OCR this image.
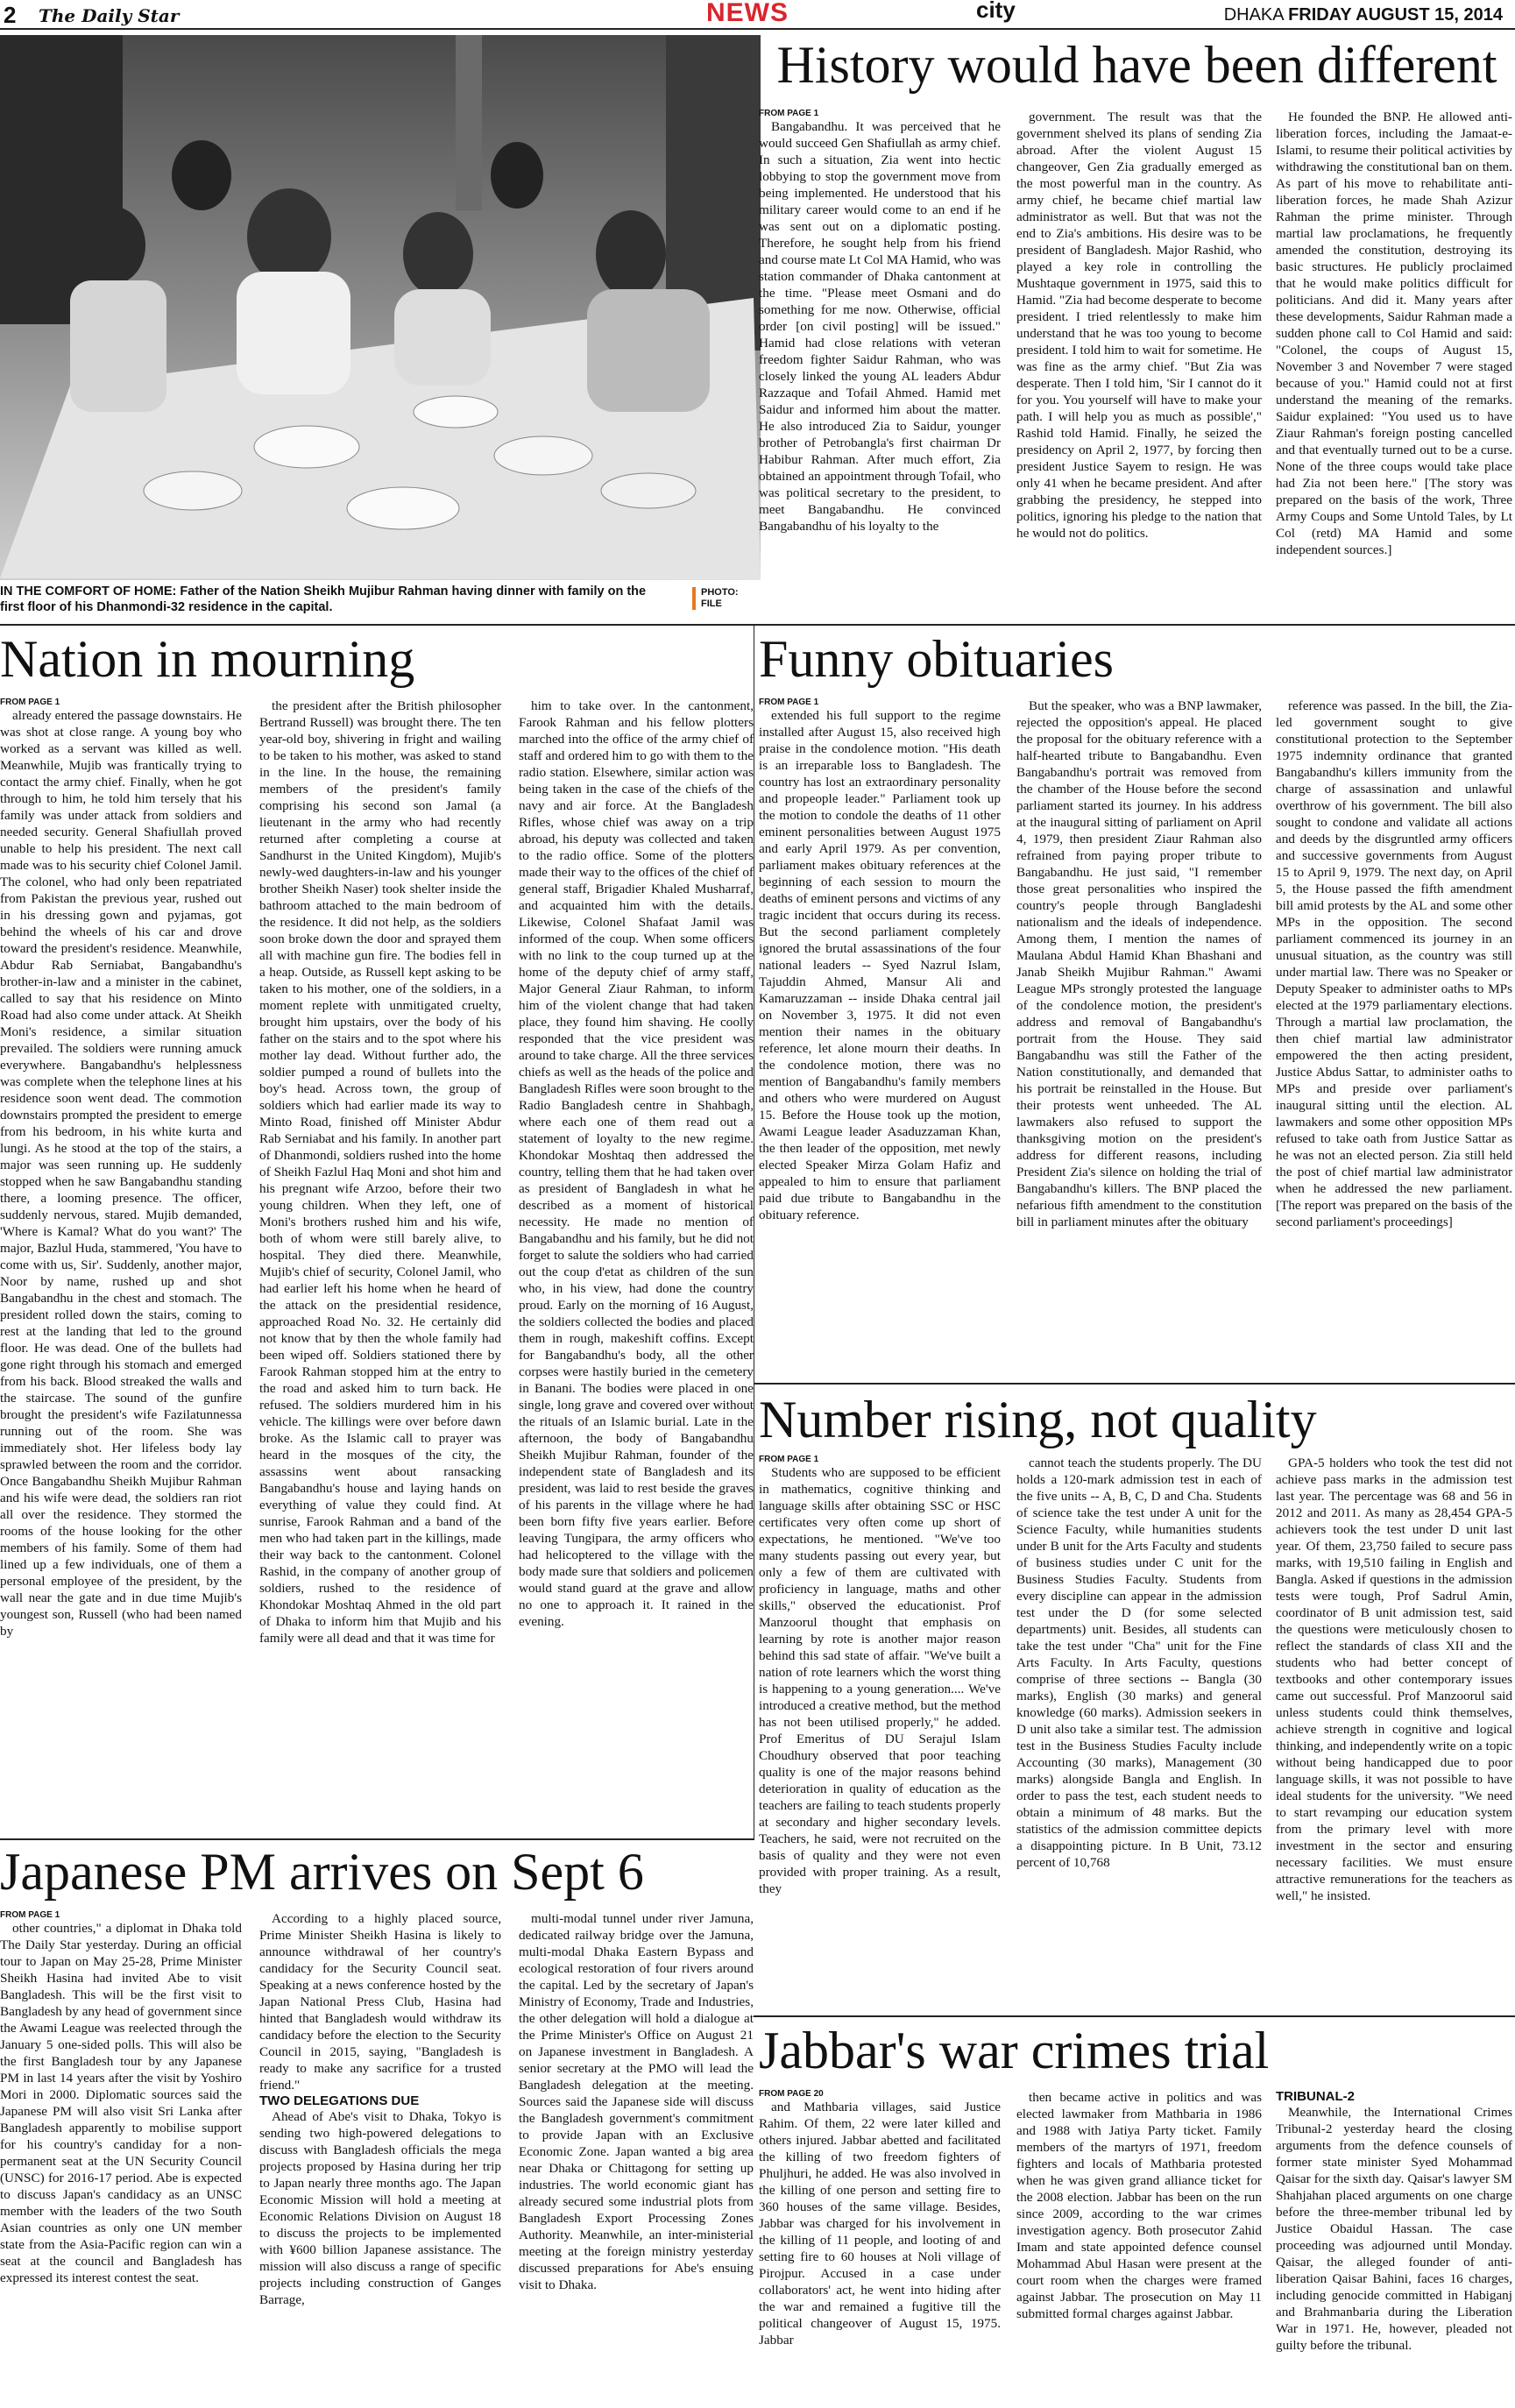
2 The Daily Star	NEWS	city	DHAKA FRIDAY AUGUST 15, 2014
IN THE COMFORT OF HOME: Father of the Nation Sheikh Mujibur Rahman having dinner with family on the first floor of his Dhanmondi-32 residence in the capital.
PHOTO:
FILE
History would have been different
FROM PAGE 1

Bangabandhu. It was perceived that he would succeed Gen Shafiullah as army chief. In such a situation, Zia went into hectic lobbying to stop the government move from being implemented. He understood that his military career would come to an end if he was sent out on a diplomatic posting. Therefore, he sought help from his friend and course mate Lt Col MA Hamid, who was station commander of Dhaka cantonment at the time. "Please meet Osmani and do something for me now. Otherwise, official order [on civil posting] will be issued." Hamid had close relations with veteran freedom fighter Saidur Rahman, who was closely linked the young AL leaders Abdur Razzaque and Tofail Ahmed. Hamid met Saidur and informed him about the matter. He also introduced Zia to Saidur, younger brother of Petrobangla's first chairman Dr Habibur Rahman. After much effort, Zia obtained an appointment through Tofail, who was political secretary to the president, to meet Bangabandhu. He convinced Bangabandhu of his loyalty to the

government. The result was that the government shelved its plans of sending Zia abroad. After the violent August 15 changeover, Gen Zia gradually emerged as the most powerful man in the country. As army chief, he became chief martial law administrator as well. But that was not the end to Zia's ambitions. His desire was to be president of Bangladesh. Major Rashid, who played a key role in controlling the Mushtaque government in 1975, said this to Hamid. "Zia had become desperate to become president. I tried relentlessly to make him understand that he was too young to become president. I told him to wait for sometime. He was fine as the army chief. "But Zia was desperate. Then I told him, 'Sir I cannot do it for you. You yourself will have to make your path. I will help you as much as possible'," Rashid told Hamid. Finally, he seized the presidency on April 2, 1977, by forcing then president Justice Sayem to resign. He was only 41 when he became president. And after grabbing the presidency, he stepped into politics, ignoring his pledge to the nation that he would not do politics.

He founded the BNP. He allowed anti-liberation forces, including the Jamaat-e-Islami, to resume their political activities by withdrawing the constitutional ban on them. As part of his move to rehabilitate anti-liberation forces, he made Shah Azizur Rahman the prime minister. Through martial law proclamations, he frequently amended the constitution, destroying its basic structures. He publicly proclaimed that he would make politics difficult for politicians. And did it. Many years after these developments, Saidur Rahman made a sudden phone call to Col Hamid and said: "Colonel, the coups of August 15, November 3 and November 7 were staged because of you." Hamid could not at first understand the meaning of the remarks. Saidur explained: "You used us to have Ziaur Rahman's foreign posting cancelled and that eventually turned out to be a curse. None of the three coups would take place had Zia not been here." [The story was prepared on the basis of the work, Three Army Coups and Some Untold Tales, by Lt Col (retd) MA Hamid and some independent sources.]

Nation in mourning
FROM PAGE 1

already entered the passage downstairs. He was shot at close range. A young boy who worked as a servant was killed as well. Meanwhile, Mujib was frantically trying to contact the army chief. Finally, when he got through to him, he told him tersely that his family was under attack from soldiers and needed security. General Shafiullah proved unable to help his president. The next call made was to his security chief Colonel Jamil. The colonel, who had only been repatriated from Pakistan the previous year, rushed out in his dressing gown and pyjamas, got behind the wheels of his car and drove toward the president's residence. Meanwhile, Abdur Rab Serniabat, Bangabandhu's brother-in-law and a minister in the cabinet, called to say that his residence on Minto Road had also come under attack. At Sheikh Moni's residence, a similar situation prevailed. The soldiers were running amuck everywhere. Bangabandhu's helplessness was complete when the telephone lines at his residence soon went dead. The commotion downstairs prompted the president to emerge from his bedroom, in his white kurta and lungi. As he stood at the top of the stairs, a major was seen running up. He suddenly stopped when he saw Bangabandhu standing there, a looming presence. The officer, suddenly nervous, stared. Mujib demanded, 'Where is Kamal? What do you want?' The major, Bazlul Huda, stammered, 'You have to come with us, Sir'. Suddenly, another major, Noor by name, rushed up and shot Bangabandhu in the chest and stomach. The president rolled down the stairs, coming to rest at the landing that led to the ground floor. He was dead. One of the bullets had gone right through his stomach and emerged from his back. Blood streaked the walls and the staircase. The sound of the gunfire brought the president's wife Fazilatunnessa running out of the room. She was immediately shot. Her lifeless body lay sprawled between the room and the corridor. Once Bangabandhu Sheikh Mujibur Rahman and his wife were dead, the soldiers ran riot all over the residence. They stormed the rooms of the house looking for the other members of his family. Some of them had lined up a few individuals, one of them a personal employee of the president, by the wall near the gate and in due time Mujib's youngest son, Russell (who had been named by

the president after the British philosopher Bertrand Russell) was brought there. The ten year-old boy, shivering in fright and wailing to be taken to his mother, was asked to stand in the line. In the house, the remaining members of the president's family comprising his second son Jamal (a lieutenant in the army who had recently returned after completing a course at Sandhurst in the United Kingdom), Mujib's newly-wed daughters-in-law and his younger brother Sheikh Naser) took shelter inside the bathroom attached to the main bedroom of the residence. It did not help, as the soldiers soon broke down the door and sprayed them all with machine gun fire. The bodies fell in a heap. Outside, as Russell kept asking to be taken to his mother, one of the soldiers, in a moment replete with unmitigated cruelty, brought him upstairs, over the body of his father on the stairs and to the spot where his mother lay dead. Without further ado, the soldier pumped a round of bullets into the boy's head. Across town, the group of soldiers which had earlier made its way to Minto Road, finished off Minister Abdur Rab Serniabat and his family. In another part of Dhanmondi, soldiers rushed into the home of Sheikh Fazlul Haq Moni and shot him and his pregnant wife Arzoo, before their two young children. When they left, one of Moni's brothers rushed him and his wife, both of whom were still barely alive, to hospital. They died there. Meanwhile, Mujib's chief of security, Colonel Jamil, who had earlier left his home when he heard of the attack on the presidential residence, approached Road No. 32. He certainly did not know that by then the whole family had been wiped off. Soldiers stationed there by Farook Rahman stopped him at the entry to the road and asked him to turn back. He refused. The soldiers murdered him in his vehicle. The killings were over before dawn broke. As the Islamic call to prayer was heard in the mosques of the city, the assassins went about ransacking Bangabandhu's house and laying hands on everything of value they could find. At sunrise, Farook Rahman and a band of the men who had taken part in the killings, made their way back to the cantonment. Colonel Rashid, in the company of another group of soldiers, rushed to the residence of Khondokar Moshtaq Ahmed in the old part of Dhaka to inform him that Mujib and his family were all dead and that it was time for

him to take over. In the cantonment, Farook Rahman and his fellow plotters marched into the office of the army chief of staff and ordered him to go with them to the radio station. Elsewhere, similar action was being taken in the case of the chiefs of the navy and air force. At the Bangladesh Rifles, whose chief was away on a trip abroad, his deputy was collected and taken to the radio office. Some of the plotters made their way to the offices of the chief of general staff, Brigadier Khaled Musharraf, and acquainted him with the details. Likewise, Colonel Shafaat Jamil was informed of the coup. When some officers with no link to the coup turned up at the home of the deputy chief of army staff, Major General Ziaur Rahman, to inform him of the violent change that had taken place, they found him shaving. He coolly responded that the vice president was around to take charge. All the three services chiefs as well as the heads of the police and Bangladesh Rifles were soon brought to the Radio Bangladesh centre in Shahbagh, where each one of them read out a statement of loyalty to the new regime. Khondokar Moshtaq then addressed the country, telling them that he had taken over as president of Bangladesh in what he described as a moment of historical necessity. He made no mention of Bangabandhu and his family, but he did not forget to salute the soldiers who had carried out the coup d'etat as children of the sun who, in his view, had done the country proud. Early on the morning of 16 August, the soldiers collected the bodies and placed them in rough, makeshift coffins. Except for Bangabandhu's body, all the other corpses were hastily buried in the cemetery in Banani. The bodies were placed in one single, long grave and covered over without the rituals of an Islamic burial. Late in the afternoon, the body of Bangabandhu Sheikh Mujibur Rahman, founder of the independent state of Bangladesh and its president, was laid to rest beside the graves of his parents in the village where he had been born fifty five years earlier. Before leaving Tungipara, the army officers who had helicoptered to the village with the body made sure that soldiers and policemen would stand guard at the grave and allow no one to approach it. It rained in the evening.

Funny obituaries
FROM PAGE 1

extended his full support to the regime installed after August 15, also received high praise in the condolence motion. "His death is an irreparable loss to Bangladesh. The country has lost an extraordinary personality and propeople leader." Parliament took up the motion to condole the deaths of 11 other eminent personalities between August 1975 and early April 1979. As per convention, parliament makes obituary references at the beginning of each session to mourn the deaths of eminent persons and victims of any tragic incident that occurs during its recess. But the second parliament completely ignored the brutal assassinations of the four national leaders -- Syed Nazrul Islam, Tajuddin Ahmed, Mansur Ali and Kamaruzzaman -- inside Dhaka central jail on November 3, 1975. It did not even mention their names in the obituary reference, let alone mourn their deaths. In the condolence motion, there was no mention of Bangabandhu's family members and others who were murdered on August 15. Before the House took up the motion, Awami League leader Asaduzzaman Khan, the then leader of the opposition, met newly elected Speaker Mirza Golam Hafiz and appealed to him to ensure that parliament paid due tribute to Bangabandhu in the obituary reference.

But the speaker, who was a BNP lawmaker, rejected the opposition's appeal. He placed the proposal for the obituary reference with a half-hearted tribute to Bangabandhu. Even Bangabandhu's portrait was removed from the chamber of the House before the second parliament started its journey. In his address at the inaugural sitting of parliament on April 4, 1979, then president Ziaur Rahman also refrained from paying proper tribute to Bangabandhu. He just said, "I remember those great personalities who inspired the country's people through Bangladeshi nationalism and the ideals of independence. Among them, I mention the names of Maulana Abdul Hamid Khan Bhashani and Janab Sheikh Mujibur Rahman." Awami League MPs strongly protested the language of the condolence motion, the president's address and removal of Bangabandhu's portrait from the House. They said Bangabandhu was still the Father of the Nation constitutionally, and demanded that his portrait be reinstalled in the House. But their protests went unheeded. The AL lawmakers also refused to support the thanksgiving motion on the president's address for different reasons, including President Zia's silence on holding the trial of Bangabandhu's killers. The BNP placed the nefarious fifth amendment to the constitution bill in parliament minutes after the obituary

reference was passed. In the bill, the Zia-led government sought to give constitutional protection to the September 1975 indemnity ordinance that granted Bangabandhu's killers immunity from the charge of assassination and unlawful overthrow of his government. The bill also sought to condone and validate all actions and deeds by the disgruntled army officers and successive governments from August 15 to April 9, 1979. The next day, on April 5, the House passed the fifth amendment bill amid protests by the AL and some other MPs in the opposition. The second parliament commenced its journey in an unusual situation, as the country was still under martial law. There was no Speaker or Deputy Speaker to administer oaths to MPs elected at the 1979 parliamentary elections. Through a martial law proclamation, the then chief martial law administrator empowered the then acting president, Justice Abdus Sattar, to administer oaths to MPs and preside over parliament's inaugural sitting until the election. AL lawmakers and some other opposition MPs refused to take oath from Justice Sattar as he was not an elected person. Zia still held the post of chief martial law administrator when he addressed the new parliament. [The report was prepared on the basis of the second parliament's proceedings]

Number rising, not quality
FROM PAGE 1

Students who are supposed to be efficient in mathematics, cognitive thinking and language skills after obtaining SSC or HSC certificates very often come up short of expectations, he mentioned. "We've too many students passing out every year, but only a few of them are cultivated with proficiency in language, maths and other skills," observed the educationist. Prof Manzoorul thought that emphasis on learning by rote is another major reason behind this sad state of affair. "We've built a nation of rote learners which the worst thing is happening to a young generation.... We've introduced a creative method, but the method has not been utilised properly," he added. Prof Emeritus of DU Serajul Islam Choudhury observed that poor teaching quality is one of the major reasons behind deterioration in quality of education as the teachers are failing to teach students properly at secondary and higher secondary levels. Teachers, he said, were not recruited on the basis of quality and they were not even provided with proper training. As a result, they

cannot teach the students properly. The DU holds a 120-mark admission test in each of the five units -- A, B, C, D and Cha. Students of science take the test under A unit for the Science Faculty, while humanities students under B unit for the Arts Faculty and students of business studies under C unit for the Business Studies Faculty. Students from every discipline can appear in the admission test under the D (for some selected departments) unit. Besides, all students can take the test under "Cha" unit for the Fine Arts Faculty. In Arts Faculty, questions comprise of three sections -- Bangla (30 marks), English (30 marks) and general knowledge (60 marks). Admission seekers in D unit also take a similar test. The admission test in the Business Studies Faculty include Accounting (30 marks), Management (30 marks) alongside Bangla and English. In order to pass the test, each student needs to obtain a minimum of 48 marks. But the statistics of the admission committee depicts a disappointing picture. In B Unit, 73.12 percent of 10,768

GPA-5 holders who took the test did not achieve pass marks in the admission test last year. The percentage was 68 and 56 in 2012 and 2011. As many as 28,454 GPA-5 achievers took the test under D unit last year. Of them, 23,750 failed to secure pass marks, with 19,510 failing in English and Bangla. Asked if questions in the admission tests were tough, Prof Sadrul Amin, coordinator of B unit admission test, said the questions were meticulously chosen to reflect the standards of class XII and the students who had better concept of textbooks and other contemporary issues came out successful. Prof Manzoorul said unless students could think themselves, achieve strength in cognitive and logical thinking, and independently write on a topic without being handicapped due to poor language skills, it was not possible to have ideal students for the university. "We need to start revamping our education system from the primary level with more investment in the sector and ensuring necessary facilities. We must ensure attractive remunerations for the teachers as well," he insisted.

Japanese PM arrives on Sept 6
FROM PAGE 1

other countries," a diplomat in Dhaka told The Daily Star yesterday. During an official tour to Japan on May 25-28, Prime Minister Sheikh Hasina had invited Abe to visit Bangladesh. This will be the first visit to Bangladesh by any head of government since the Awami League was reelected through the January 5 one-sided polls. This will also be the first Bangladesh tour by any Japanese PM in last 14 years after the visit by Yoshiro Mori in 2000. Diplomatic sources said the Japanese PM will also visit Sri Lanka after Bangladesh apparently to mobilise support for his country's candiday for a non-permanent seat at the UN Security Council (UNSC) for 2016-17 period. Abe is expected to discuss Japan's candidacy as an UNSC member with the leaders of the two South Asian countries as only one UN member state from the Asia-Pacific region can win a seat at the council and Bangladesh has expressed its interest contest the seat.

According to a highly placed source, Prime Minister Sheikh Hasina is likely to announce withdrawal of her country's candidacy for the Security Council seat. Speaking at a news conference hosted by the Japan National Press Club, Hasina had hinted that Bangladesh would withdraw its candidacy before the election to the Security Council in 2015, saying, "Bangladesh is ready to make any sacrifice for a trusted friend."

TWO DELEGATIONS DUE

Ahead of Abe's visit to Dhaka, Tokyo is sending two high-powered delegations to discuss with Bangladesh officials the mega projects proposed by Hasina during her trip to Japan nearly three months ago. The Japan Economic Mission will hold a meeting at Economic Relations Division on August 18 to discuss the projects to be implemented with ¥600 billion Japanese assistance. The mission will also discuss a range of specific projects including construction of Ganges Barrage,

multi-modal tunnel under river Jamuna, dedicated railway bridge over the Jamuna, multi-modal Dhaka Eastern Bypass and ecological restoration of four rivers around the capital. Led by the secretary of Japan's Ministry of Economy, Trade and Industries, the other delegation will hold a dialogue at the Prime Minister's Office on August 21 on Japanese investment in Bangladesh. A senior secretary at the PMO will lead the Bangladesh delegation at the meeting. Sources said the Japanese side will discuss the Bangladesh government's commitment to provide Japan with an Exclusive Economic Zone. Japan wanted a big area near Dhaka or Chittagong for setting up industries. The world economic giant has already secured some industrial plots from Bangladesh Export Processing Zones Authority. Meanwhile, an inter-ministerial meeting at the foreign ministry yesterday discussed preparations for Abe's ensuing visit to Dhaka.

Jabbar's war crimes trial
FROM PAGE 20

and Mathbaria villages, said Justice Rahim. Of them, 22 were later killed and others injured. Jabbar abetted and facilitated the killing of two freedom fighters of Phuljhuri, he added. He was also involved in the killing of one person and setting fire to 360 houses of the same village. Besides, Jabbar was charged for his involvement in the killing of 11 people, and looting of and setting fire to 60 houses at Noli village of Pirojpur. Accused in a case under collaborators' act, he went into hiding after the war and remained a fugitive till the political changeover of August 15, 1975. Jabbar

then became active in politics and was elected lawmaker from Mathbaria in 1986 and 1988 with Jatiya Party ticket. Family members of the martyrs of 1971, freedom fighters and locals of Mathbaria protested when he was given grand alliance ticket for the 2008 election. Jabbar has been on the run since 2009, according to the war crimes investigation agency. Both prosecutor Zahid Imam and state appointed defence counsel Mohammad Abul Hasan were present at the court room when the charges were framed against Jabbar. The prosecution on May 11 submitted formal charges against Jabbar.

TRIBUNAL-2

Meanwhile, the International Crimes Tribunal-2 yesterday heard the closing arguments from the defence counsels of former state minister Syed Mohammad Qaisar for the sixth day. Qaisar's lawyer SM Shahjahan placed arguments on one charge before the three-member tribunal led by Justice Obaidul Hassan. The case proceeding was adjourned until Monday. Qaisar, the alleged founder of anti-liberation Qaisar Bahini, faces 16 charges, including genocide committed in Habiganj and Brahmanbaria during the Liberation War in 1971. He, however, pleaded not guilty before the tribunal.
